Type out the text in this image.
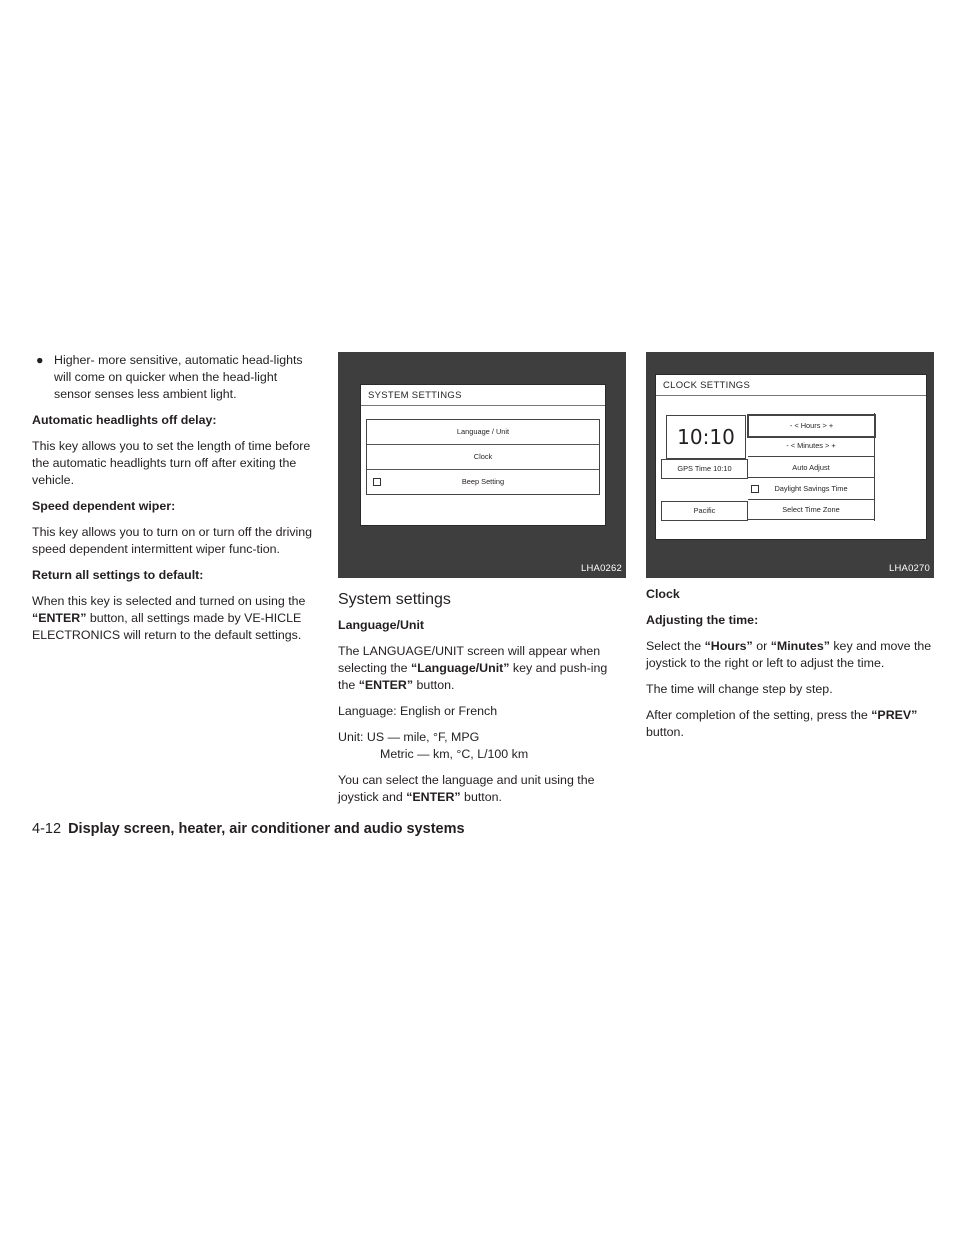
● Higher- more sensitive, automatic head-lights will come on quicker when the head-light sensor senses less ambient light.

Automatic headlights off delay:

This key allows you to set the length of time before the automatic headlights turn off after exiting the vehicle.

Speed dependent wiper:

This key allows you to turn on or turn off the driving speed dependent intermittent wiper func-tion.

Return all settings to default:

When this key is selected and turned on using the “ENTER” button, all settings made by VE-HICLE ELECTRONICS will return to the default settings.

SYSTEM SETTINGS
Language / Unit
Clock
Beep Setting
LHA0262

System settings

Language/Unit

The LANGUAGE/UNIT screen will appear when selecting the “Language/Unit” key and push-ing the “ENTER” button.

Language: English or French

Unit: US — mile, °F, MPG
Metric — km, °C, L/100 km

You can select the language and unit using the joystick and “ENTER” button.

CLOCK SETTINGS
10:10	- < Hours > +
- < Minutes > +
GPS Time 10:10	Auto Adjust
Daylight Savings Time
Pacific	Select Time Zone
LHA0270

Clock

Adjusting the time:

Select the “Hours” or “Minutes” key and move the joystick to the right or left to adjust the time.

The time will change step by step.

After completion of the setting, press the “PREV” button.

4-12 Display screen, heater, air conditioner and audio systems
